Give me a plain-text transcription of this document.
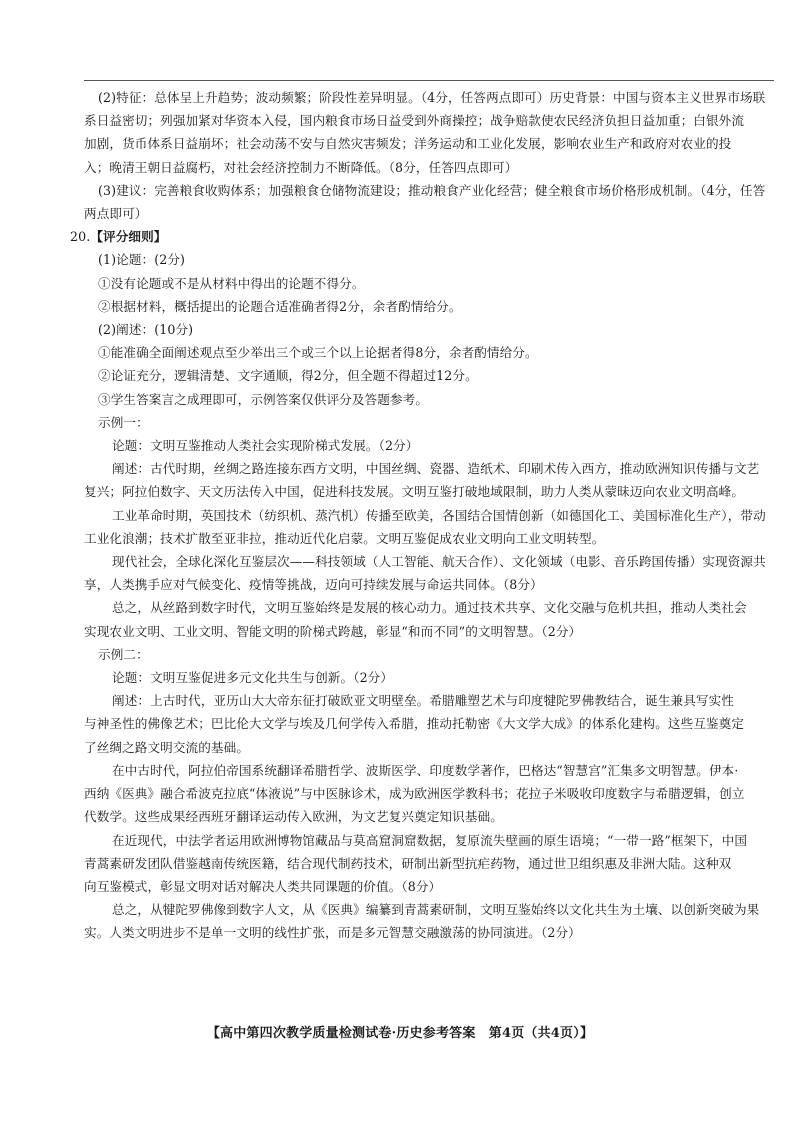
(2)特征：总体呈上升趋势；波动频繁；阶段性差异明显。（4分，任答两点即可）历史背景：中国与资本主义世界市场联
系日益密切；列强加紧对华资本入侵，国内粮食市场日益受到外商操控；战争赔款使农民经济负担日益加重；白银外流
加剧，货币体系日益崩坏；社会动荡不安与自然灾害频发；洋务运动和工业化发展，影响农业生产和政府对农业的投
入；晚清王朝日益腐朽，对社会经济控制力不断降低。（8分，任答四点即可）
(3)建议：完善粮食收购体系；加强粮食仓储物流建设；推动粮食产业化经营；健全粮食市场价格形成机制。（4分，任答
两点即可）
20.【评分细则】
(1)论题：(2分)
①没有论题或不是从材料中得出的论题不得分。
②根据材料，概括提出的论题合适准确者得2分，余者酌情给分。
(2)阐述：(10分)
①能准确全面阐述观点至少举出三个或三个以上论据者得8分，余者酌情给分。
②论证充分，逻辑清楚、文字通顺，得2分，但全题不得超过12分。
③学生答案言之成理即可，示例答案仅供评分及答题参考。
示例一：
论题：文明互鉴推动人类社会实现阶梯式发展。（2分）
阐述：古代时期，丝绸之路连接东西方文明，中国丝绸、瓷器、造纸术、印刷术传入西方，推动欧洲知识传播与文艺
复兴；阿拉伯数字、天文历法传入中国，促进科技发展。文明互鉴打破地域限制，助力人类从蒙昧迈向农业文明高峰。
工业革命时期，英国技术（纺织机、蒸汽机）传播至欧美，各国结合国情创新（如德国化工、美国标准化生产），带动
工业化浪潮；技术扩散至亚非拉，推动近代化启蒙。文明互鉴促成农业文明向工业文明转型。
现代社会，全球化深化互鉴层次——科技领域（人工智能、航天合作）、文化领域（电影、音乐跨国传播）实现资源共
享，人类携手应对气候变化、疫情等挑战，迈向可持续发展与命运共同体。（8分）
总之，从丝路到数字时代，文明互鉴始终是发展的核心动力。通过技术共享、文化交融与危机共担，推动人类社会
实现农业文明、工业文明、智能文明的阶梯式跨越，彰显“和而不同”的文明智慧。（2分）
示例二：
论题：文明互鉴促进多元文化共生与创新。（2分）
阐述：上古时代，亚历山大大帝东征打破欧亚文明壁垒。希腊雕塑艺术与印度犍陀罗佛教结合，诞生兼具写实性
与神圣性的佛像艺术；巴比伦大文学与埃及几何学传入希腊，推动托勒密《大文学大成》的体系化建构。这些互鉴奠定
了丝绸之路文明交流的基础。
在中古时代，阿拉伯帝国系统翻译希腊哲学、波斯医学、印度数学著作，巴格达“智慧宫”汇集多文明智慧。伊本·
西纳《医典》融合希波克拉底“体液说”与中医脉诊术，成为欧洲医学教科书；花拉子米吸收印度数字与希腊逻辑，创立
代数学。这些成果经西班牙翻译运动传入欧洲，为文艺复兴奠定知识基础。
在近现代，中法学者运用欧洲博物馆藏品与莫高窟洞窟数据，复原流失壁画的原生语境；“一带一路”框架下，中国
青蒿素研发团队借鉴越南传统医籍，结合现代制药技术，研制出新型抗疟药物，通过世卫组织惠及非洲大陆。这种双
向互鉴模式，彰显文明对话对解决人类共同课题的价值。（8分）
总之，从犍陀罗佛像到数字人文，从《医典》编纂到青蒿素研制，文明互鉴始终以文化共生为土壤、以创新突破为果
实。人类文明进步不是单一文明的线性扩张，而是多元智慧交融激荡的协同演进。（2分）
【高中第四次教学质量检测试卷·历史参考答案　第4页（共4页）】
